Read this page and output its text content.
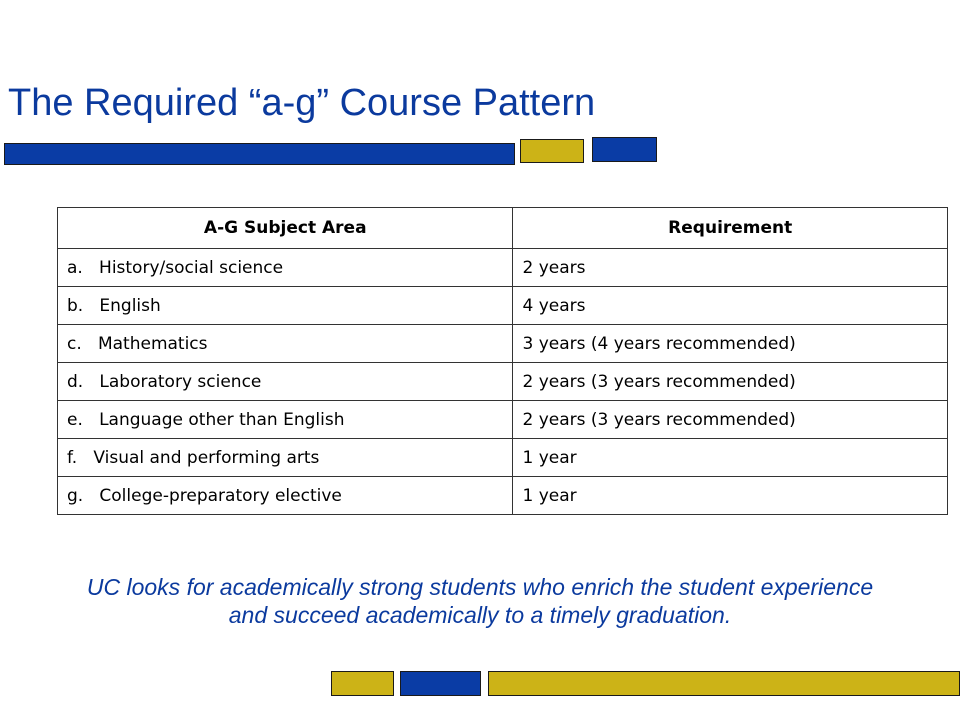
The Required “a-g” Course Pattern
A-G Subject Area	Requirement
a.   History/social science	2 years
b.   English	4 years
c.   Mathematics	3 years (4 years recommended)
d.   Laboratory science	2 years (3 years recommended)
e.   Language other than English	2 years (3 years recommended)
f.   Visual and performing arts	1 year
g.   College-preparatory elective	1 year
UC looks for academically strong students who enrich the student experience
and succeed academically to a timely graduation.
